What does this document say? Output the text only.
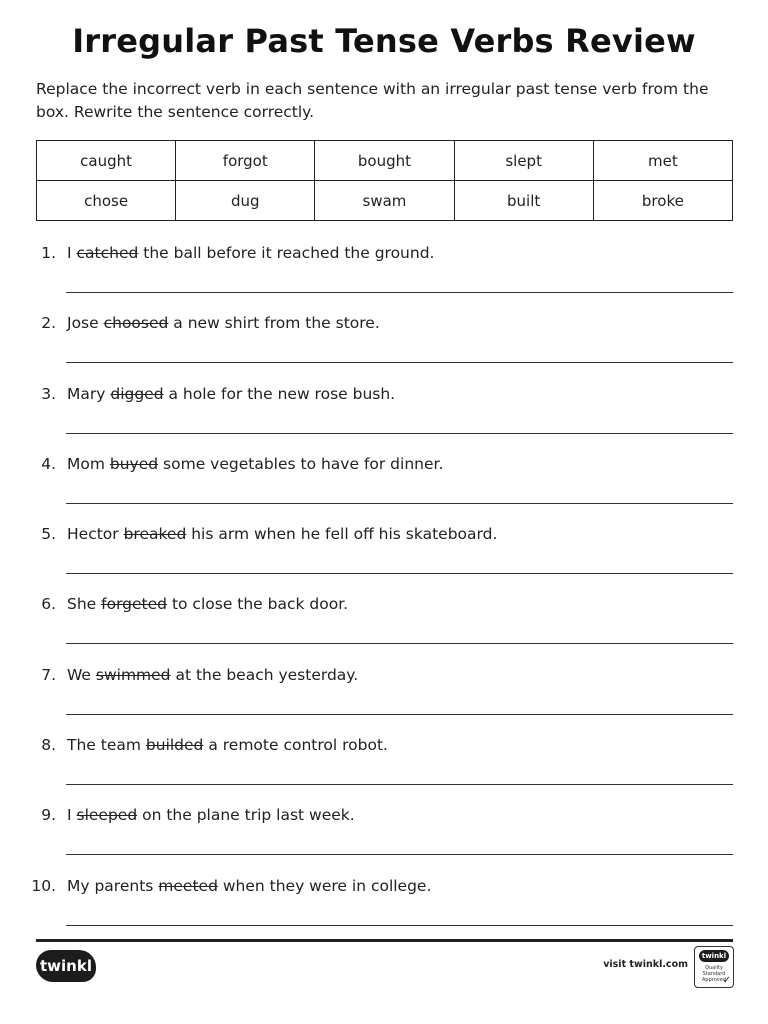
Irregular Past Tense Verbs Review
Replace the incorrect verb in each sentence with an irregular past tense verb from the box. Rewrite the sentence correctly.
caught	forgot	bought	slept	met
chose	dug	swam	built	broke
1. I catched the ball before it reached the ground.
2. Jose choosed a new shirt from the store.
3. Mary digged a hole for the new rose bush.
4. Mom buyed some vegetables to have for dinner.
5. Hector breaked his arm when he fell off his skateboard.
6. She forgeted to close the back door.
7. We swimmed at the beach yesterday.
8. The team builded a remote control robot.
9. I sleeped on the plane trip last week.
10. My parents meeted when they were in college.
twinkl	visit twinkl.com
twinkl
Quality Standard Approved
✓
